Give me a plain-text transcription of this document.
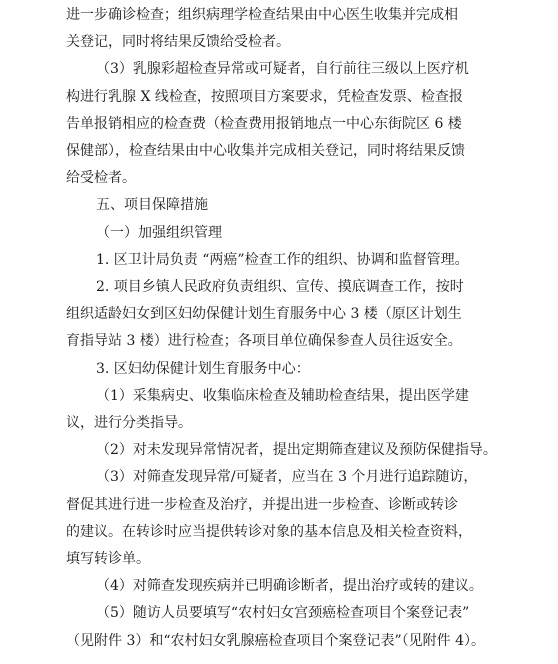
进一步确诊检查；组织病理学检查结果由中心医生收集并完成相
关登记，同时将结果反馈给受检者。
（3）乳腺彩超检查异常或可疑者，自行前往三级以上医疗机
构进行乳腺 X 线检查，按照项目方案要求，凭检查发票、检查报
告单报销相应的检查费（检查费用报销地点一中心东街院区 6 楼
保健部），检查结果由中心收集并完成相关登记，同时将结果反馈
给受检者。
五、项目保障措施
（一）加强组织管理
1. 区卫计局负责 “两癌”检查工作的组织、协调和监督管理。
2. 项目乡镇人民政府负责组织、宣传、摸底调查工作，按时
组织适龄妇女到区妇幼保健计划生育服务中心 3 楼（原区计划生
育指导站 3 楼）进行检查；各项目单位确保参查人员往返安全。
3. 区妇幼保健计划生育服务中心：
（1）采集病史、收集临床检查及辅助检查结果，提出医学建
议，进行分类指导。
（2）对未发现异常情况者，提出定期筛查建议及预防保健指导。
（3）对筛查发现异常/可疑者，应当在 3 个月进行追踪随访，
督促其进行进一步检查及治疗，并提出进一步检查、诊断或转诊
的建议。在转诊时应当提供转诊对象的基本信息及相关检查资料，
填写转诊单。
（4）对筛查发现疾病并已明确诊断者，提出治疗或转的建议。
（5）随访人员要填写“农村妇女宫颈癌检查项目个案登记表”
（见附件 3）和“农村妇女乳腺癌检查项目个案登记表”（见附件 4）。
